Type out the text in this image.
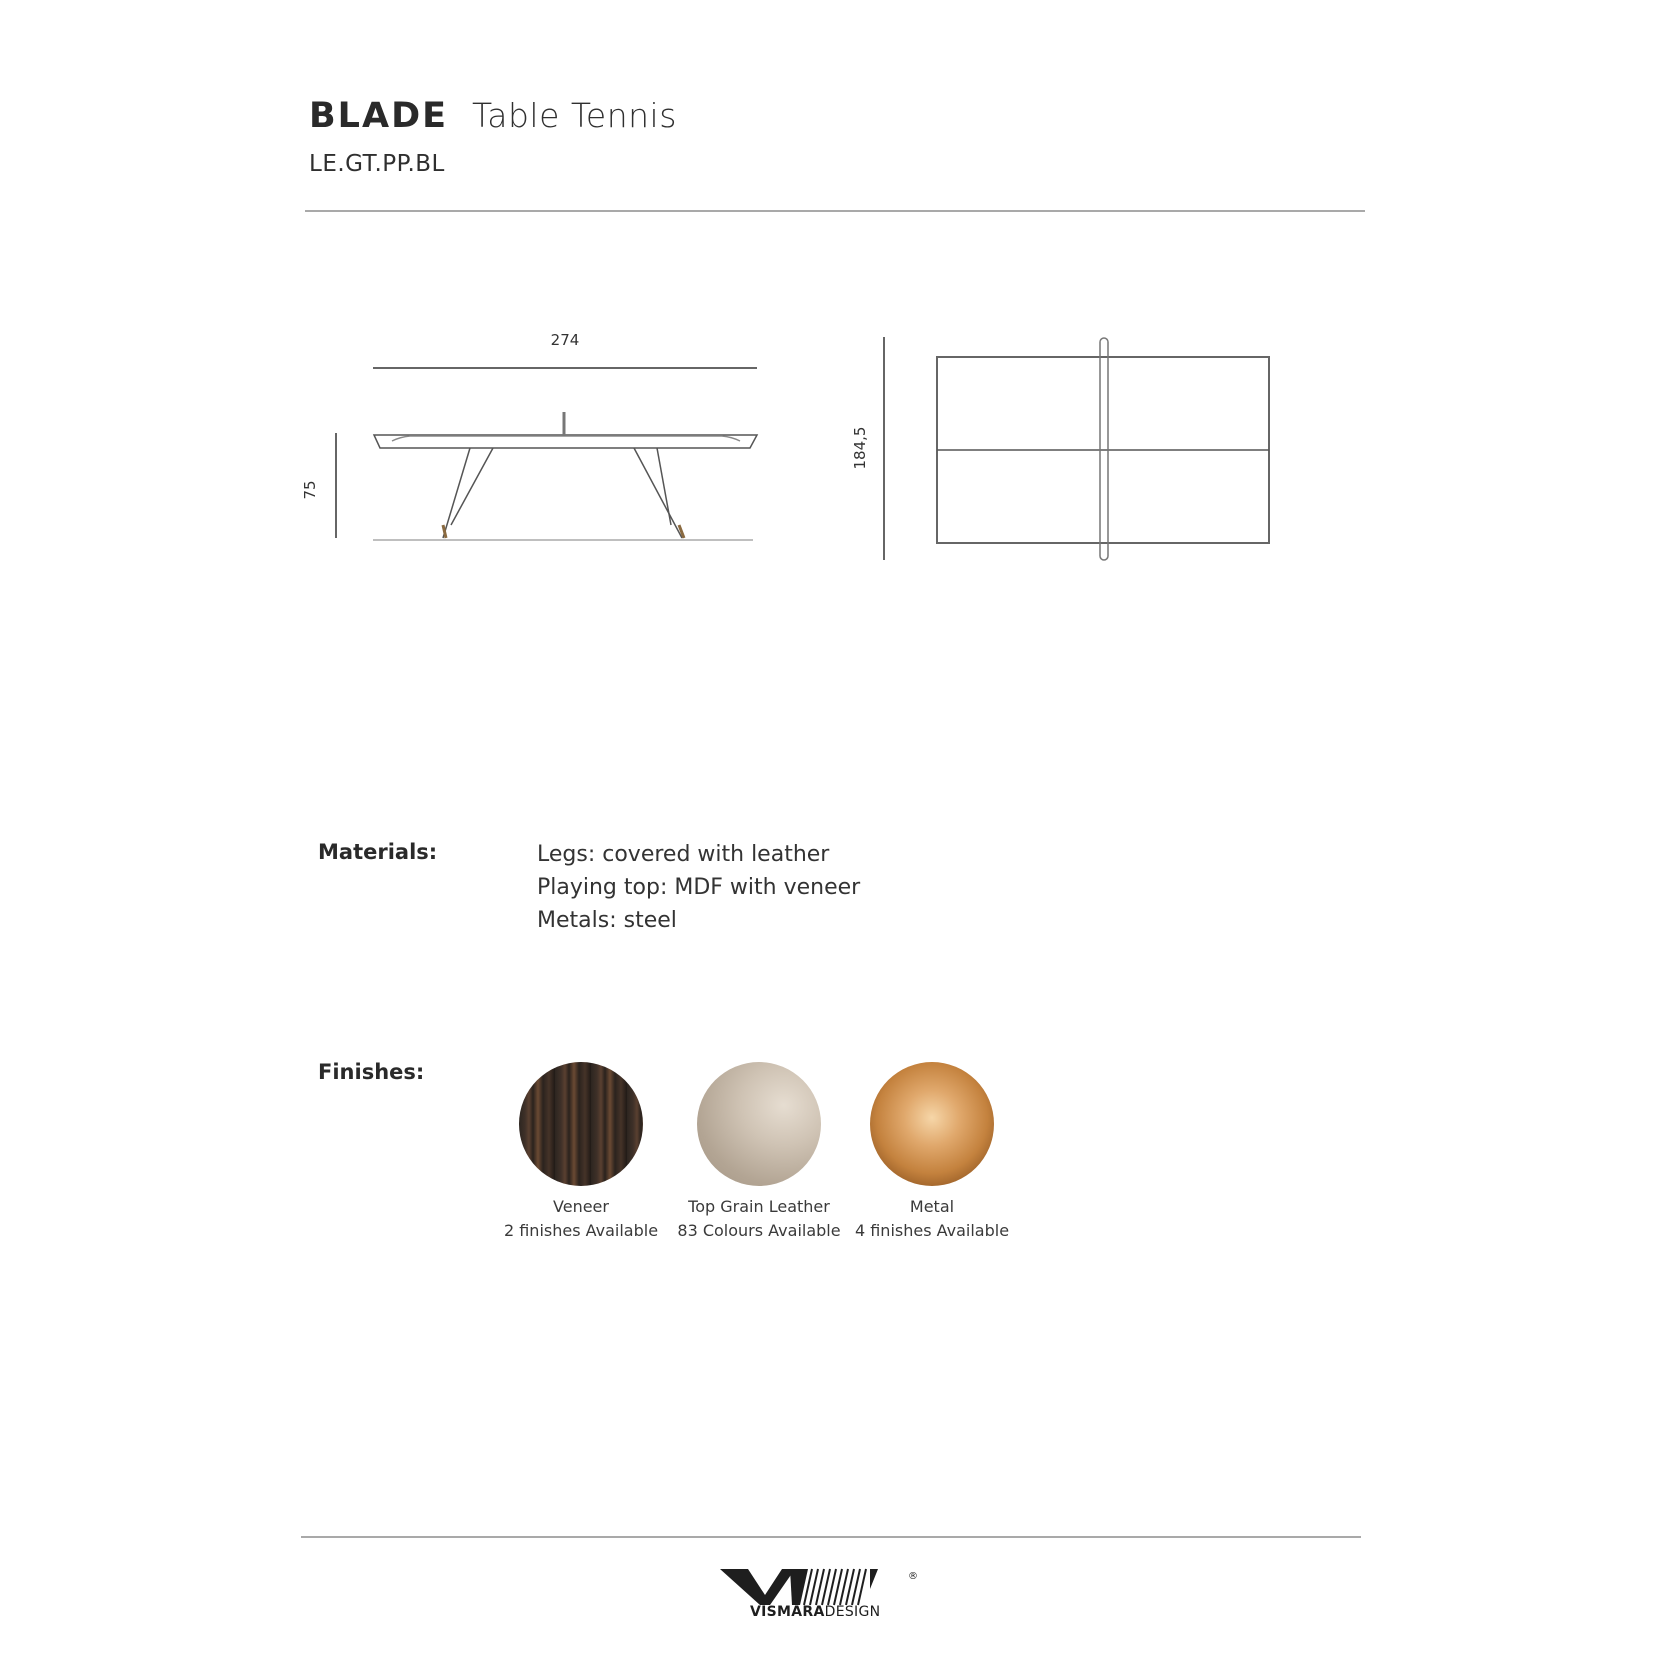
BLADE Table Tennis
LE.GT.PP.BL
274
75
184,5
Materials:	Legs: covered with leather
Playing top: MDF with veneer
Metals: steel
Finishes:
Veneer
2 finishes Available
Top Grain Leather
83 Colours Available
Metal
4 finishes Available
®
VISMARADESIGN
